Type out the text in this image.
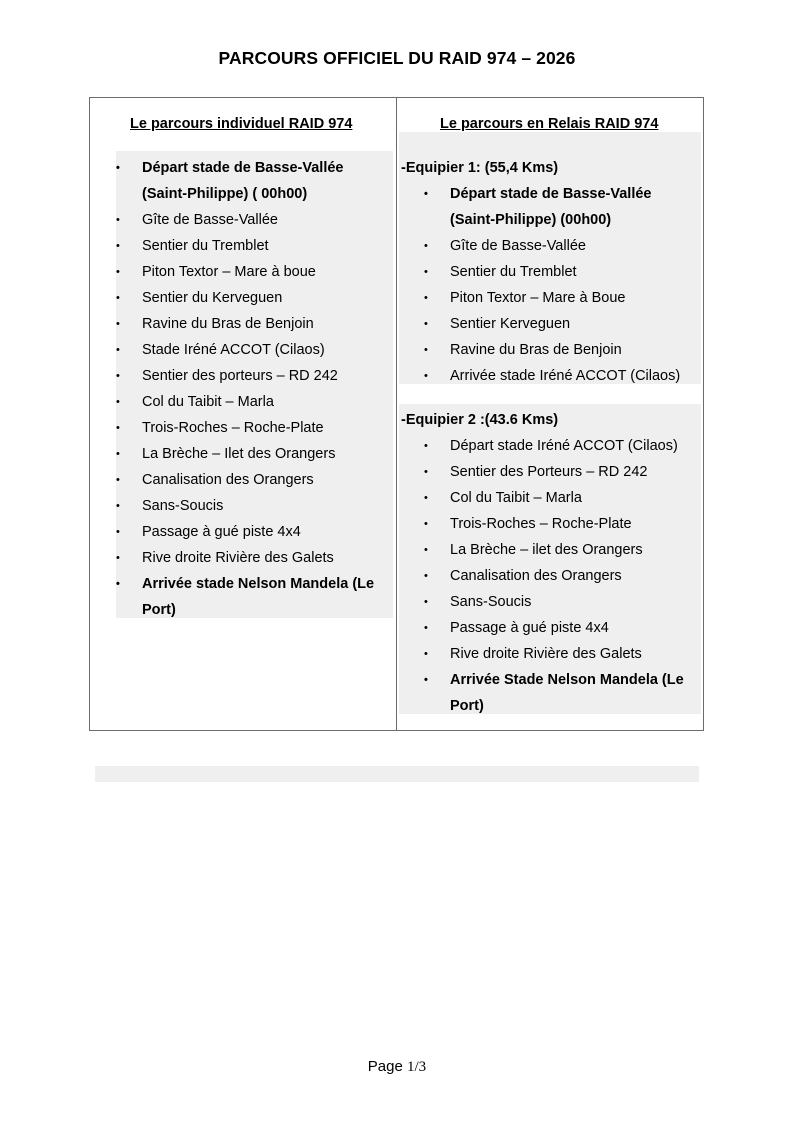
PARCOURS OFFICIEL DU RAID 974 – 2026
Le parcours individuel RAID 974
• Départ stade de Basse-Vallée (Saint-Philippe) ( 00h00)
• Gîte de Basse-Vallée
• Sentier du Tremblet
• Piton Textor – Mare à boue
• Sentier du Kerveguen
• Ravine du Bras de Benjoin
• Stade Iréné ACCOT (Cilaos)
• Sentier des porteurs – RD 242
• Col du Taibit – Marla
• Trois-Roches – Roche-Plate
• La Brèche – Ilet des Orangers
• Canalisation des Orangers
• Sans-Soucis
• Passage à gué piste 4x4
• Rive droite Rivière des Galets
• Arrivée stade Nelson Mandela (Le Port)
Le parcours en Relais RAID 974
-Equipier 1: (55,4 Kms)
• Départ stade de Basse-Vallée (Saint-Philippe) (00h00)
• Gîte de Basse-Vallée
• Sentier du Tremblet
• Piton Textor – Mare à Boue
• Sentier Kerveguen
• Ravine du Bras de Benjoin
• Arrivée stade Iréné ACCOT (Cilaos)
-Equipier 2 :(43.6 Kms)
• Départ stade Iréné ACCOT (Cilaos)
• Sentier des Porteurs – RD 242
• Col du Taibit – Marla
• Trois-Roches – Roche-Plate
• La Brèche – ilet des Orangers
• Canalisation des Orangers
• Sans-Soucis
• Passage à gué piste 4x4
• Rive droite Rivière des Galets
• Arrivée Stade Nelson Mandela (Le Port)
Page 1/3
